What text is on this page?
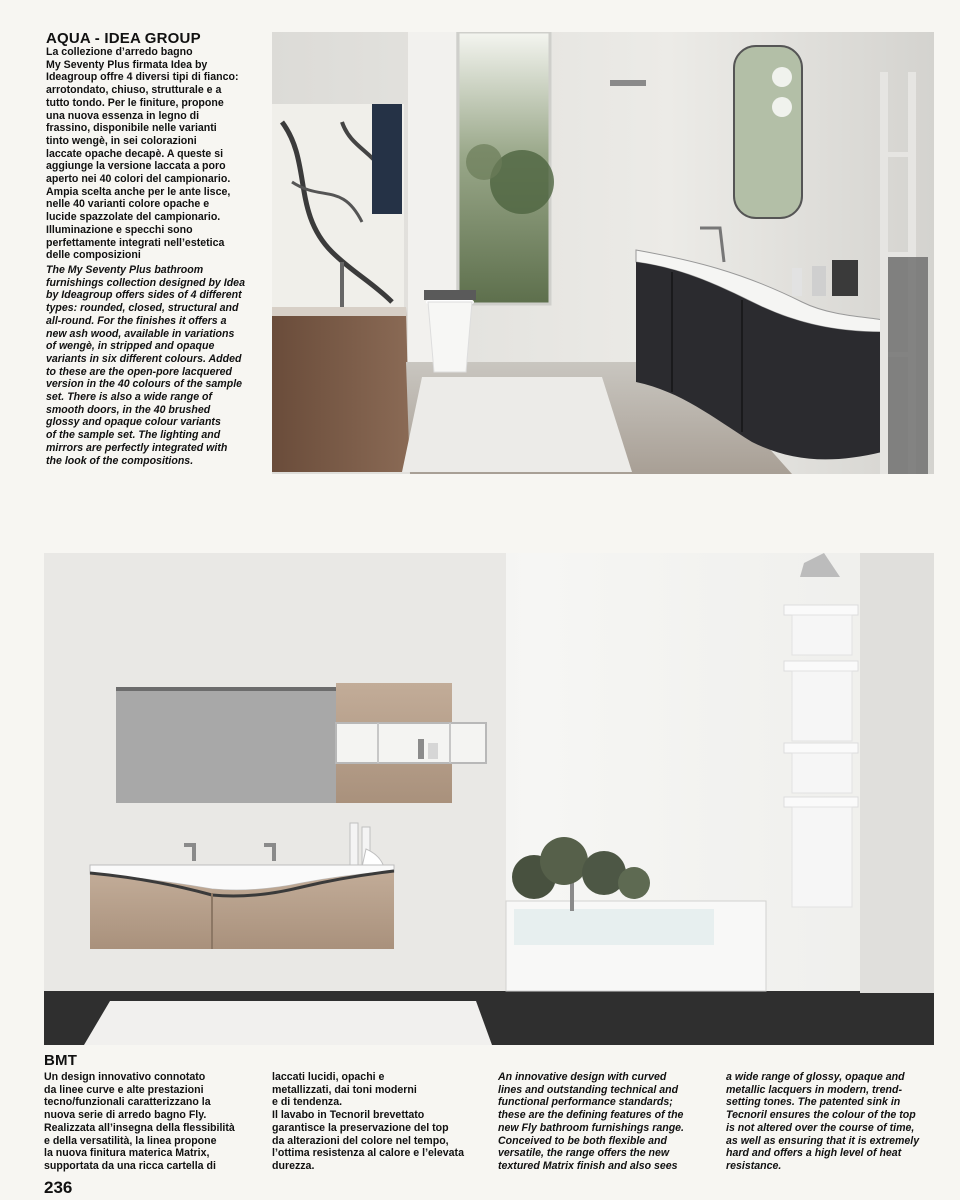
AQUA - IDEA GROUP

La collezione d’arredo bagno

My Seventy Plus firmata Idea by

Ideagroup offre 4 diversi tipi di fianco:

arrotondato, chiuso, strutturale e a

tutto tondo. Per le finiture, propone

una nuova essenza in legno di

frassino, disponibile nelle varianti

tinto wengè, in sei colorazioni

laccate opache decapè. A queste si

aggiunge la versione laccata a poro

aperto nei 40 colori del campionario.

Ampia scelta anche per le ante lisce,

nelle 40 varianti colore opache e

lucide spazzolate del campionario.

Illuminazione e specchi sono

perfettamente integrati nell’estetica

delle composizioni

The My Seventy Plus bathroom

furnishings collection designed by Idea

by Ideagroup offers sides of 4 different

types: rounded, closed, structural and

all-round. For the finishes it offers a

new ash wood, available in variations

of wengè, in stripped and opaque

variants in six different colours. Added

to these are the open-pore lacquered

version in the 40 colours of the sample

set. There is also a wide range of

smooth doors, in the 40 brushed

glossy and opaque colour variants

of the sample set. The lighting and

mirrors are perfectly integrated with

the look of the compositions.

BMT

Un design innovativo connotato

da linee curve e alte prestazioni

tecno/funzionali caratterizzano la

nuova serie di arredo bagno Fly.

Realizzata all’insegna della flessibilità

e della versatilità, la linea propone

la nuova finitura materica Matrix,

supportata da una ricca cartella di

laccati lucidi, opachi e

metallizzati, dai toni moderni

e di tendenza.

Il lavabo in Tecnoril brevettato

garantisce la preservazione del top

da alterazioni del colore nel tempo,

l’ottima resistenza al calore e l’elevata

durezza.

An innovative design with curved

lines and outstanding technical and

functional performance standards;

these are the defining features of the

new Fly bathroom furnishings range.

Conceived to be both flexible and

versatile, the range offers the new

textured Matrix finish and also sees

a wide range of glossy, opaque and

metallic lacquers in modern, trend-

setting tones. The patented sink in

Tecnoril ensures the colour of the top

is not altered over the course of time,

as well as ensuring that it is extremely

hard and offers a high level of heat

resistance.

236
